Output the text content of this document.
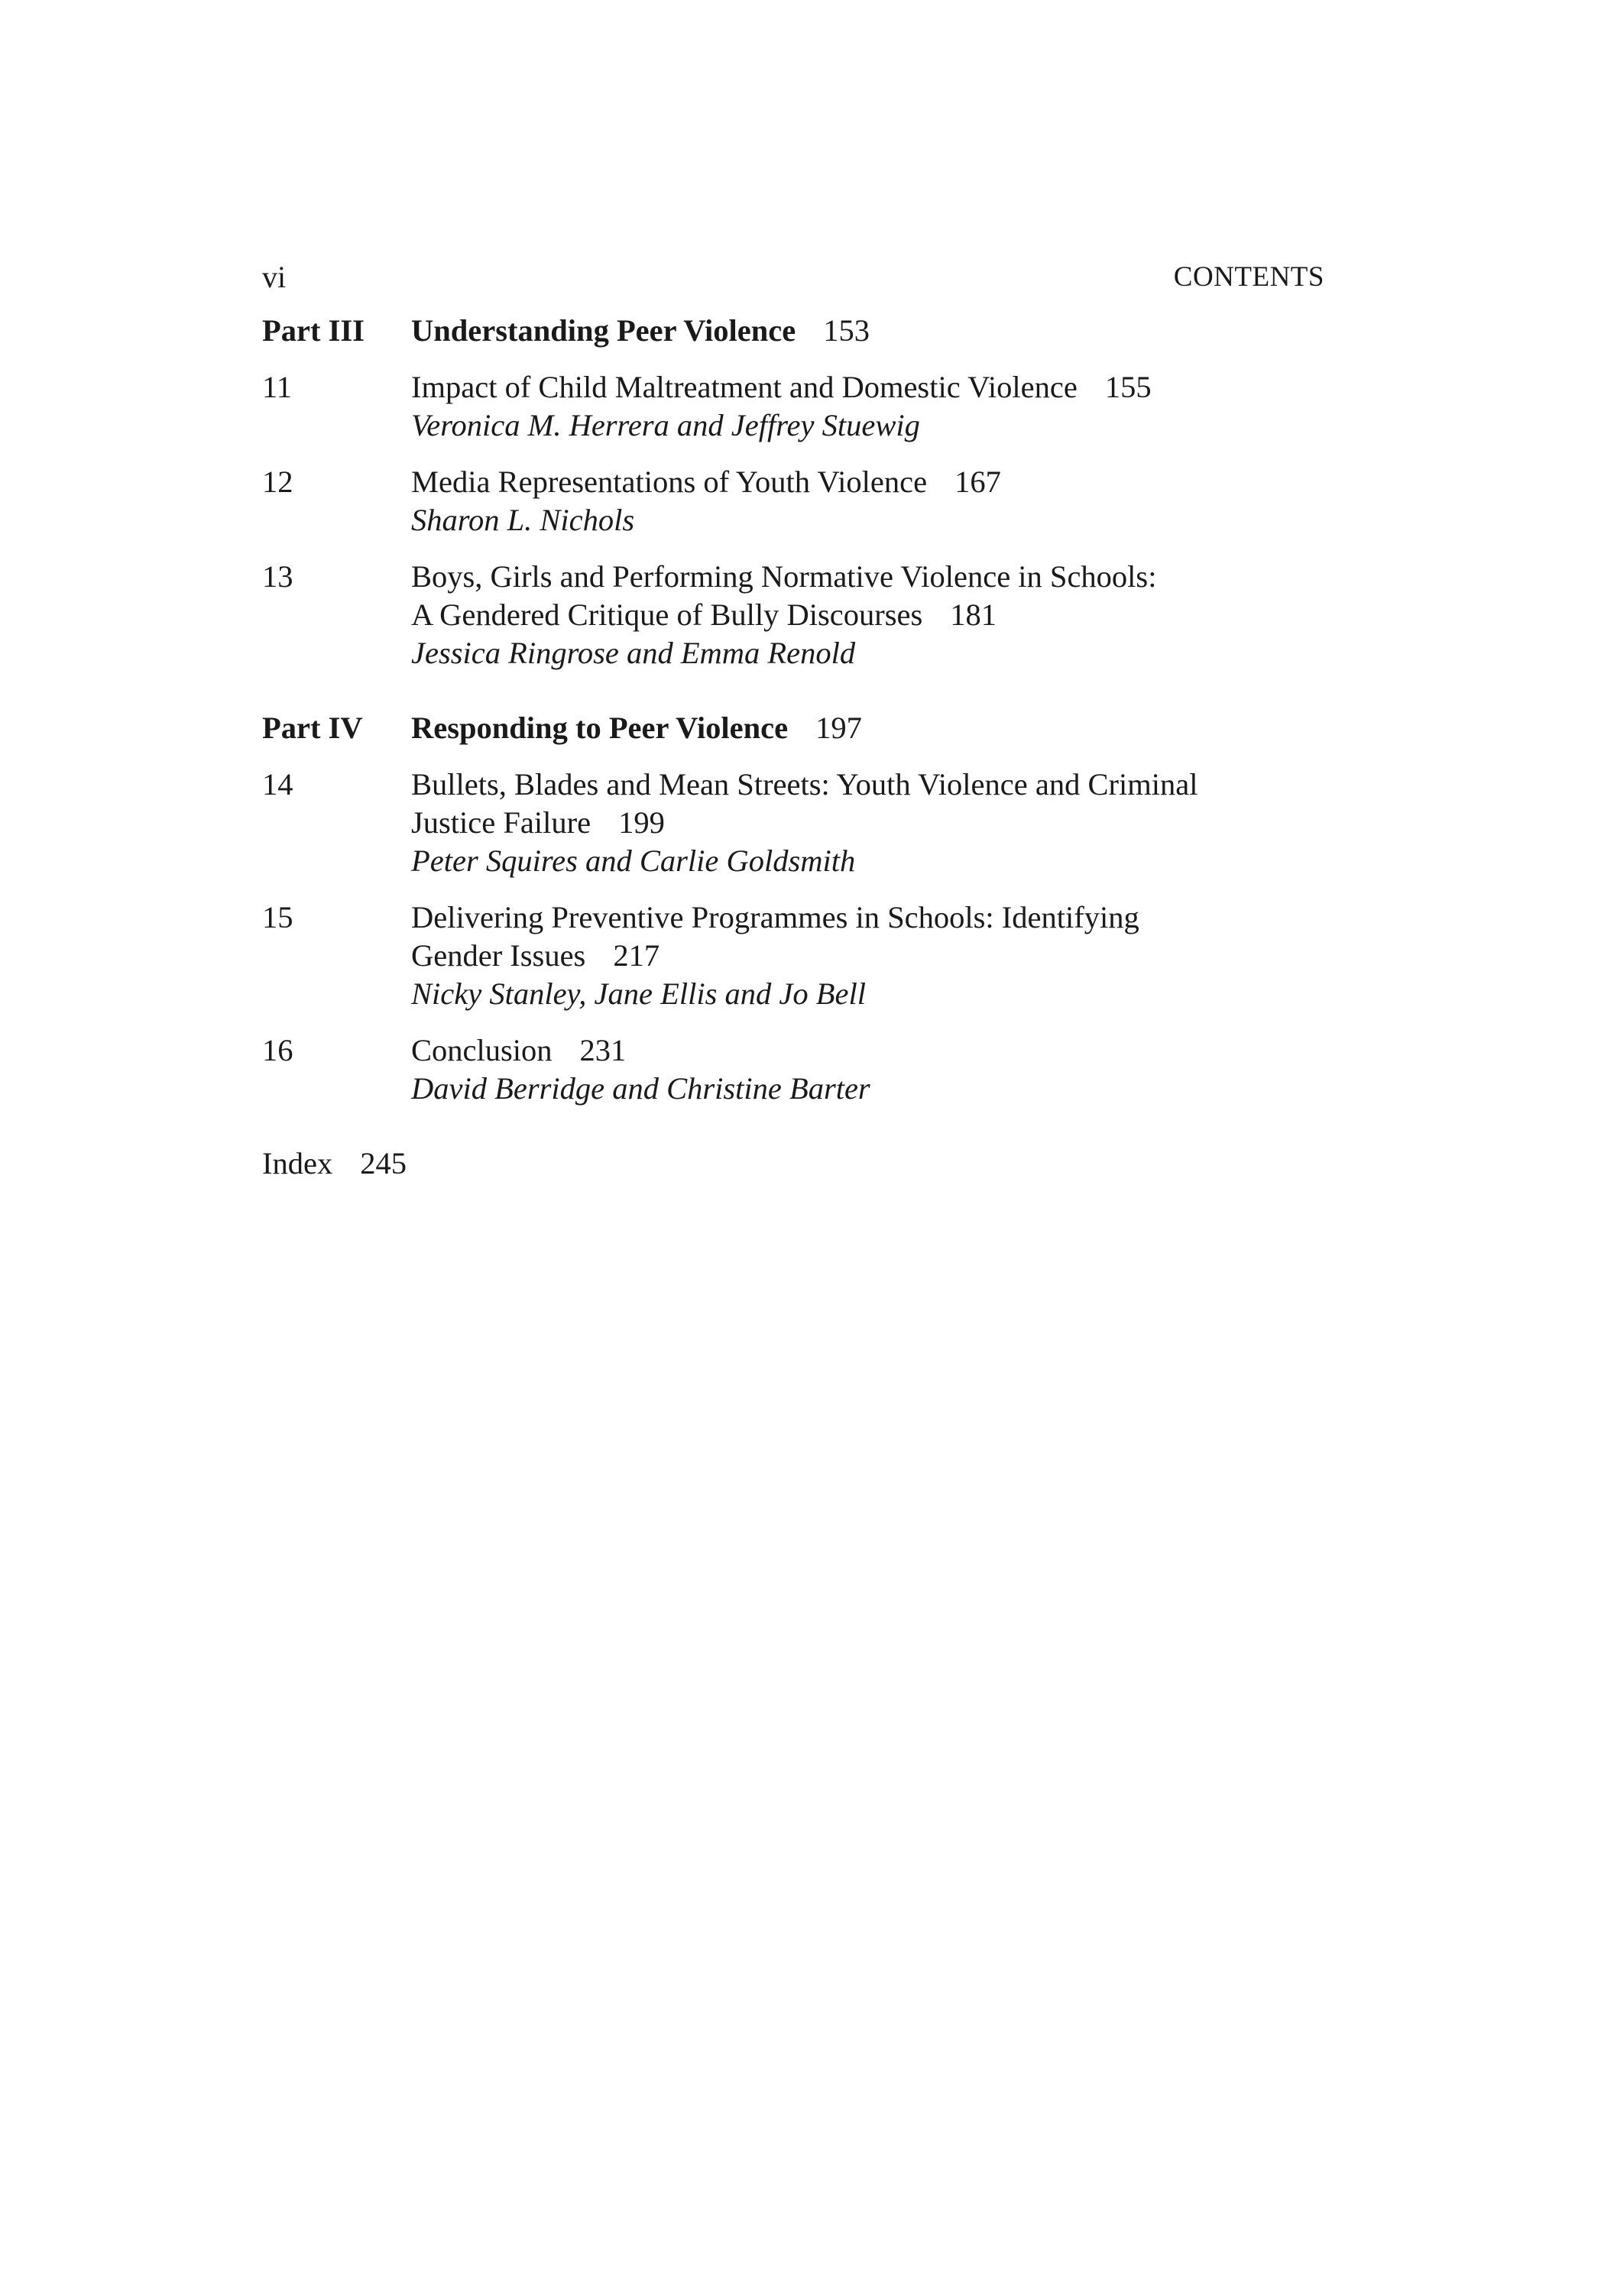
vi	CONTENTS
Part III	Understanding Peer Violence 153
11	Impact of Child Maltreatment and Domestic Violence 155
Veronica M. Herrera and Jeffrey Stuewig
12	Media Representations of Youth Violence 167
Sharon L. Nichols
13	Boys, Girls and Performing Normative Violence in Schools:
A Gendered Critique of Bully Discourses 181
Jessica Ringrose and Emma Renold
Part IV	Responding to Peer Violence 197
14	Bullets, Blades and Mean Streets: Youth Violence and Criminal
Justice Failure 199
Peter Squires and Carlie Goldsmith
15	Delivering Preventive Programmes in Schools: Identifying
Gender Issues 217
Nicky Stanley, Jane Ellis and Jo Bell
16	Conclusion 231
David Berridge and Christine Barter
Index 245
